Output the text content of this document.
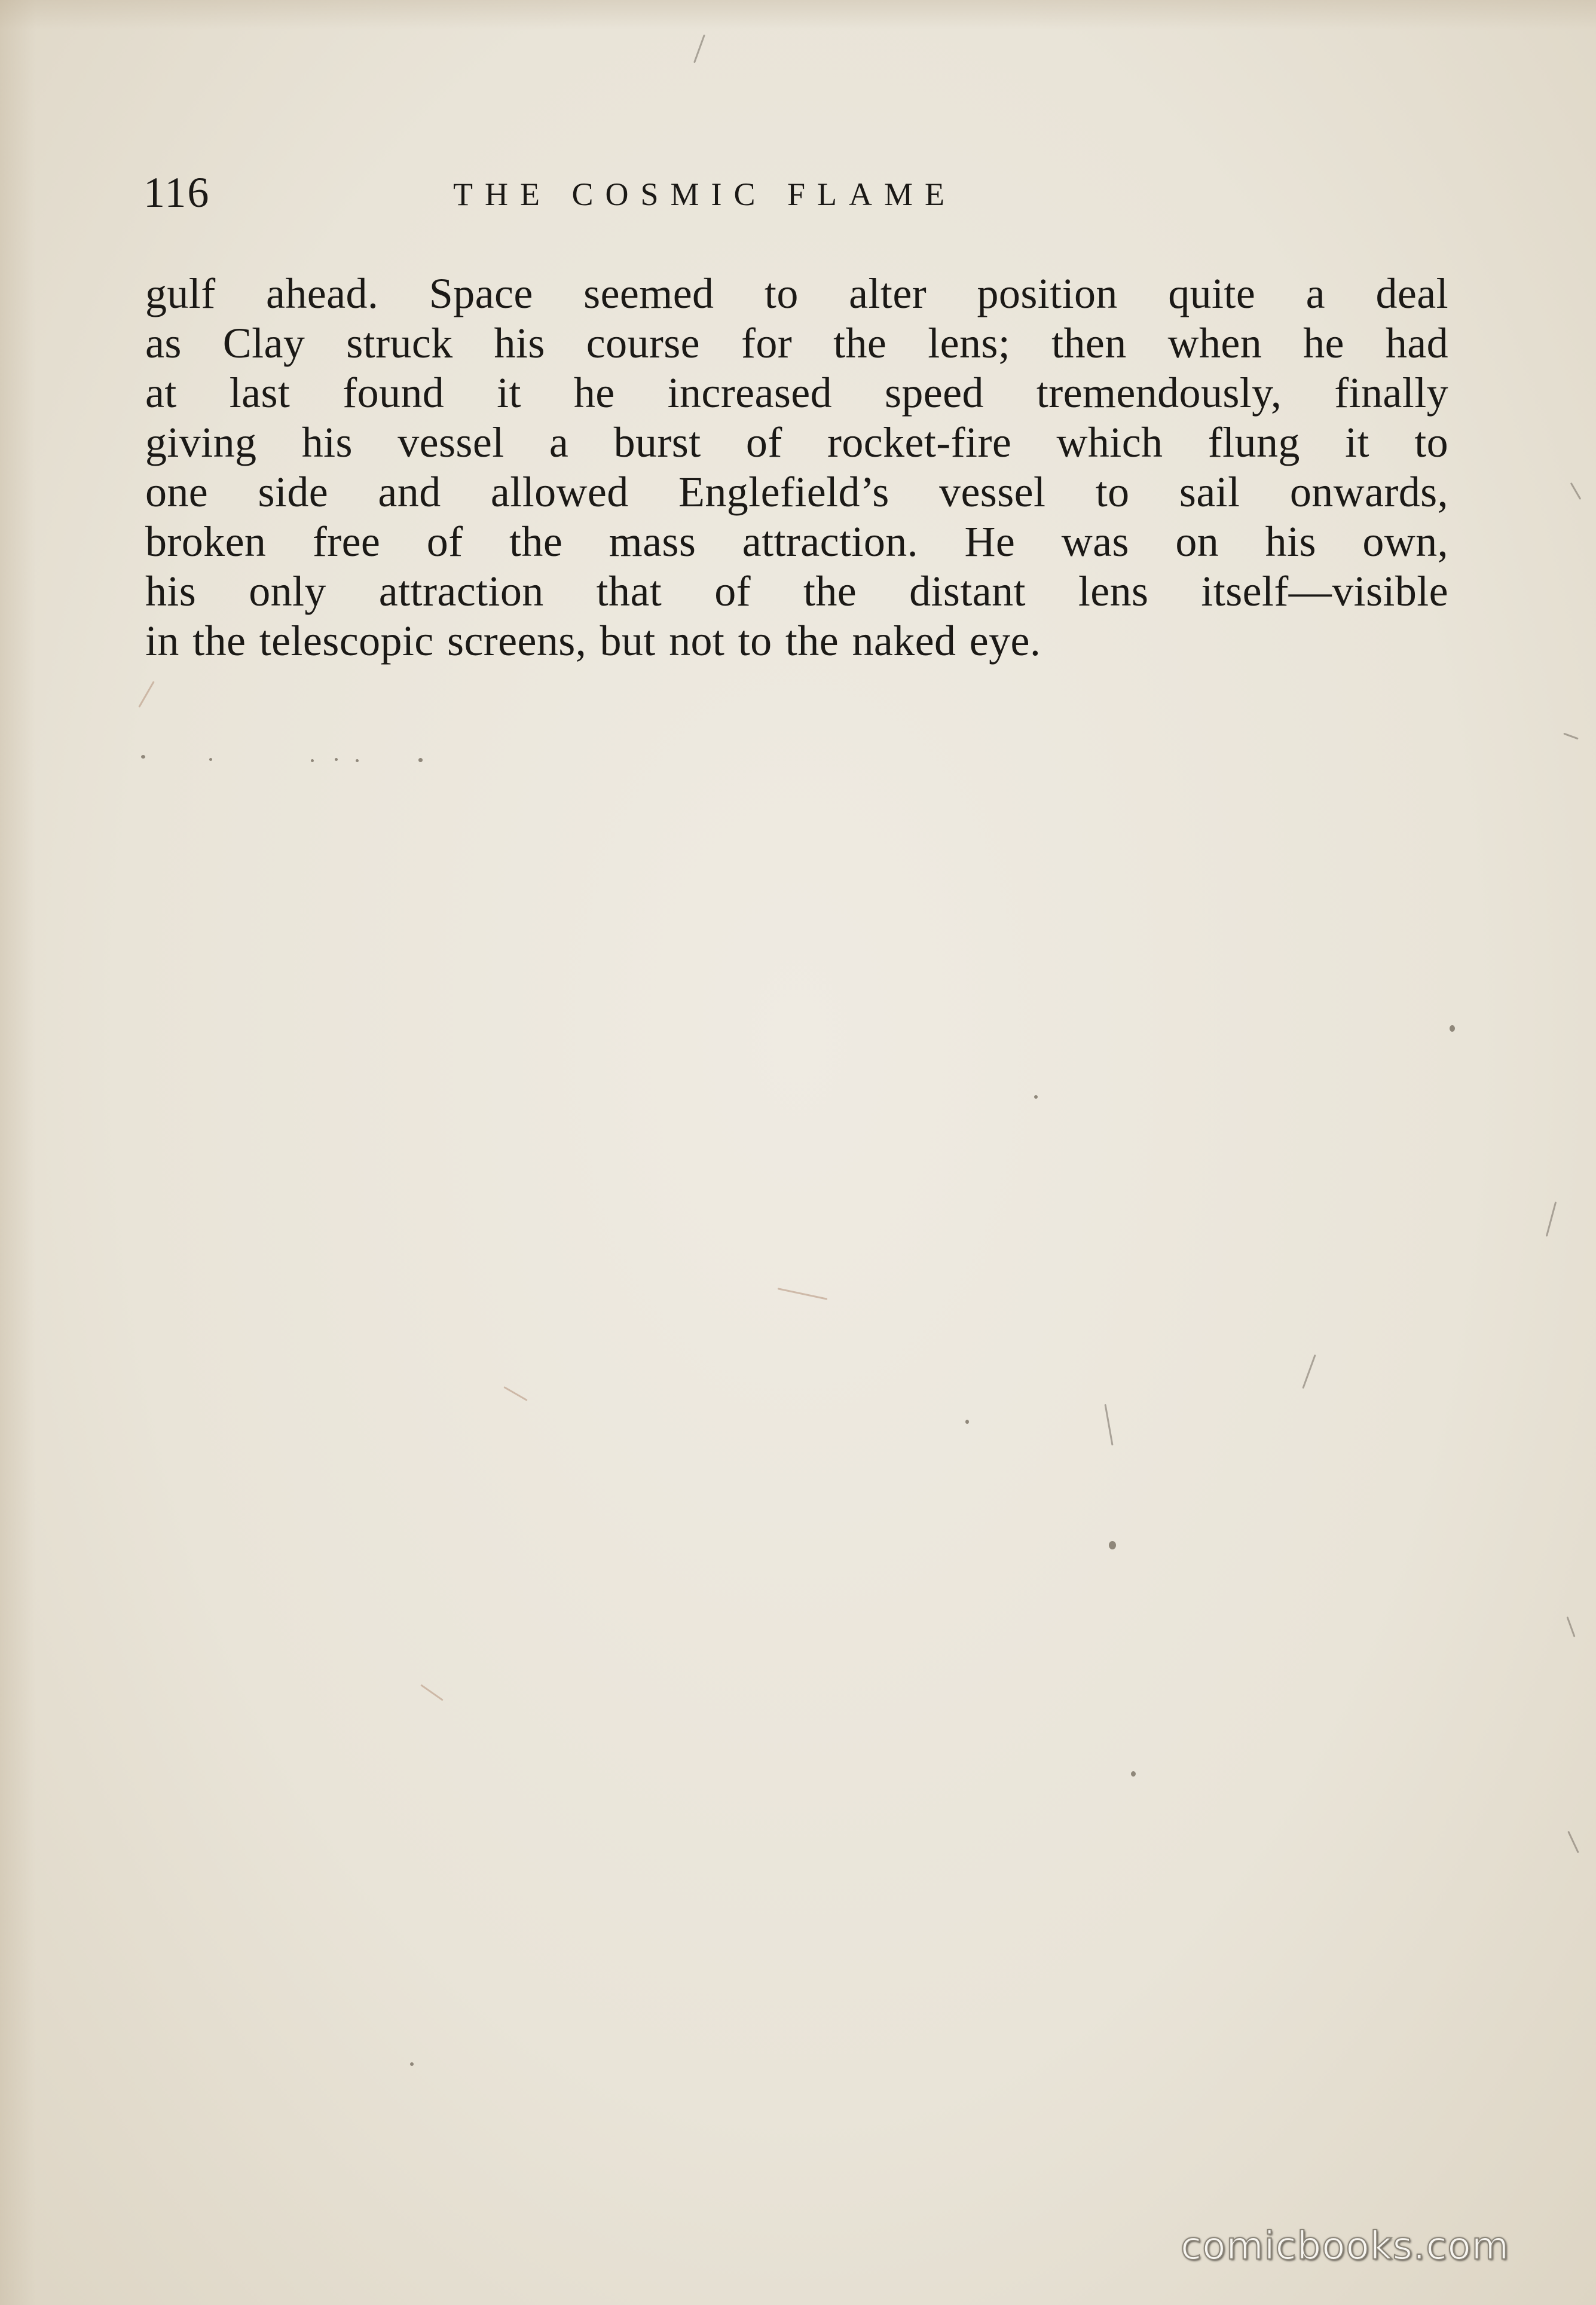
116	THE COSMIC FLAME
gulf ahead. Space seemed to alter position quite a deal
as Clay struck his course for the lens; then when he had
at last found it he increased speed tremendously, finally
giving his vessel a burst of rocket-fire which flung it to
one side and allowed Englefield’s vessel to sail onwards,
broken free of the mass attraction. He was on his own,
his only attraction that of the distant lens itself—visible
in the telescopic screens, but not to the naked eye.
comicbooks.com
